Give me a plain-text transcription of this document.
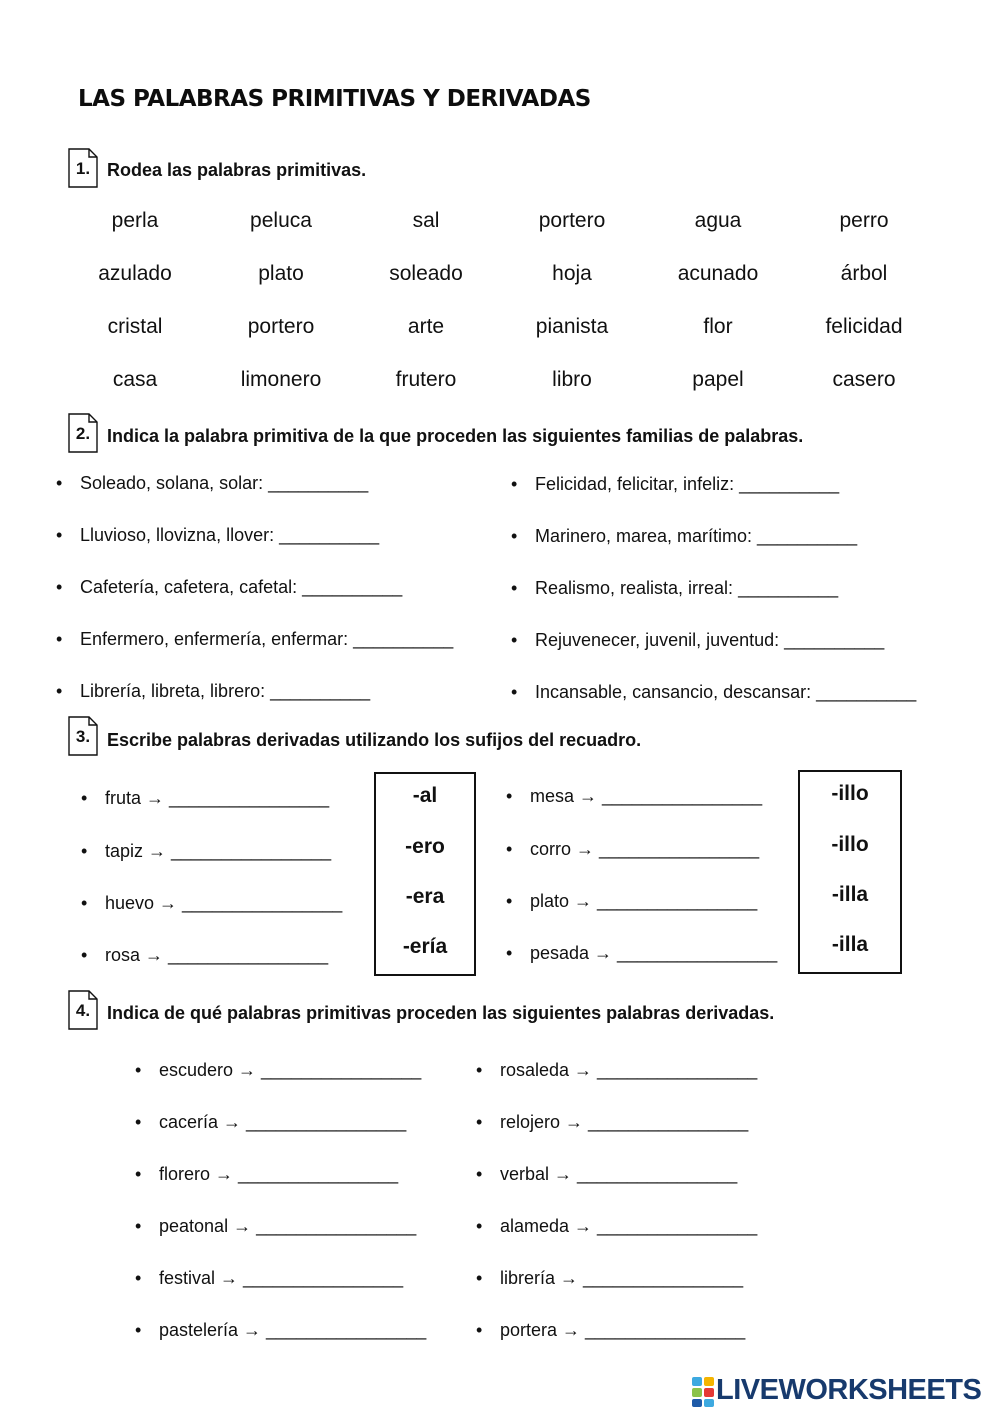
LAS PALABRAS PRIMITIVAS Y DERIVADAS
1. Rodea las palabras primitivas.
perla	peluca	sal	portero	agua	perro
azulado	plato	soleado	hoja	acunado	árbol
cristal	portero	arte	pianista	flor	felicidad
casa	limonero	frutero	libro	papel	casero
2. Indica la palabra primitiva de la que proceden las siguientes familias de palabras.
• Soleado, solana, solar: __________
• Lluvioso, llovizna, llover: __________
• Cafetería, cafetera, cafetal: __________
• Enfermero, enfermería, enfermar: __________
• Librería, libreta, librero: __________
• Felicidad, felicitar, infeliz: __________
• Marinero, marea, marítimo: __________
• Realismo, realista, irreal: __________
• Rejuvenecer, juvenil, juventud: __________
• Incansable, cansancio, descansar: __________
3. Escribe palabras derivadas utilizando los sufijos del recuadro.
• fruta → ________________
• tapiz → ________________
• huevo → ________________
• rosa → ________________
• mesa → ________________
• corro → ________________
• plato → ________________
• pesada → ________________
-al
-ero
-era
-ería
-illo
-illo
-illa
-illa
4. Indica de qué palabras primitivas proceden las siguientes palabras derivadas.
• escudero → ________________
• cacería → ________________
• florero → ________________
• peatonal → ________________
• festival → ________________
• pastelería → ________________
• rosaleda → ________________
• relojero → ________________
• verbal → ________________
• alameda → ________________
• librería → ________________
• portera → ________________
LIVEWORKSHEETS
